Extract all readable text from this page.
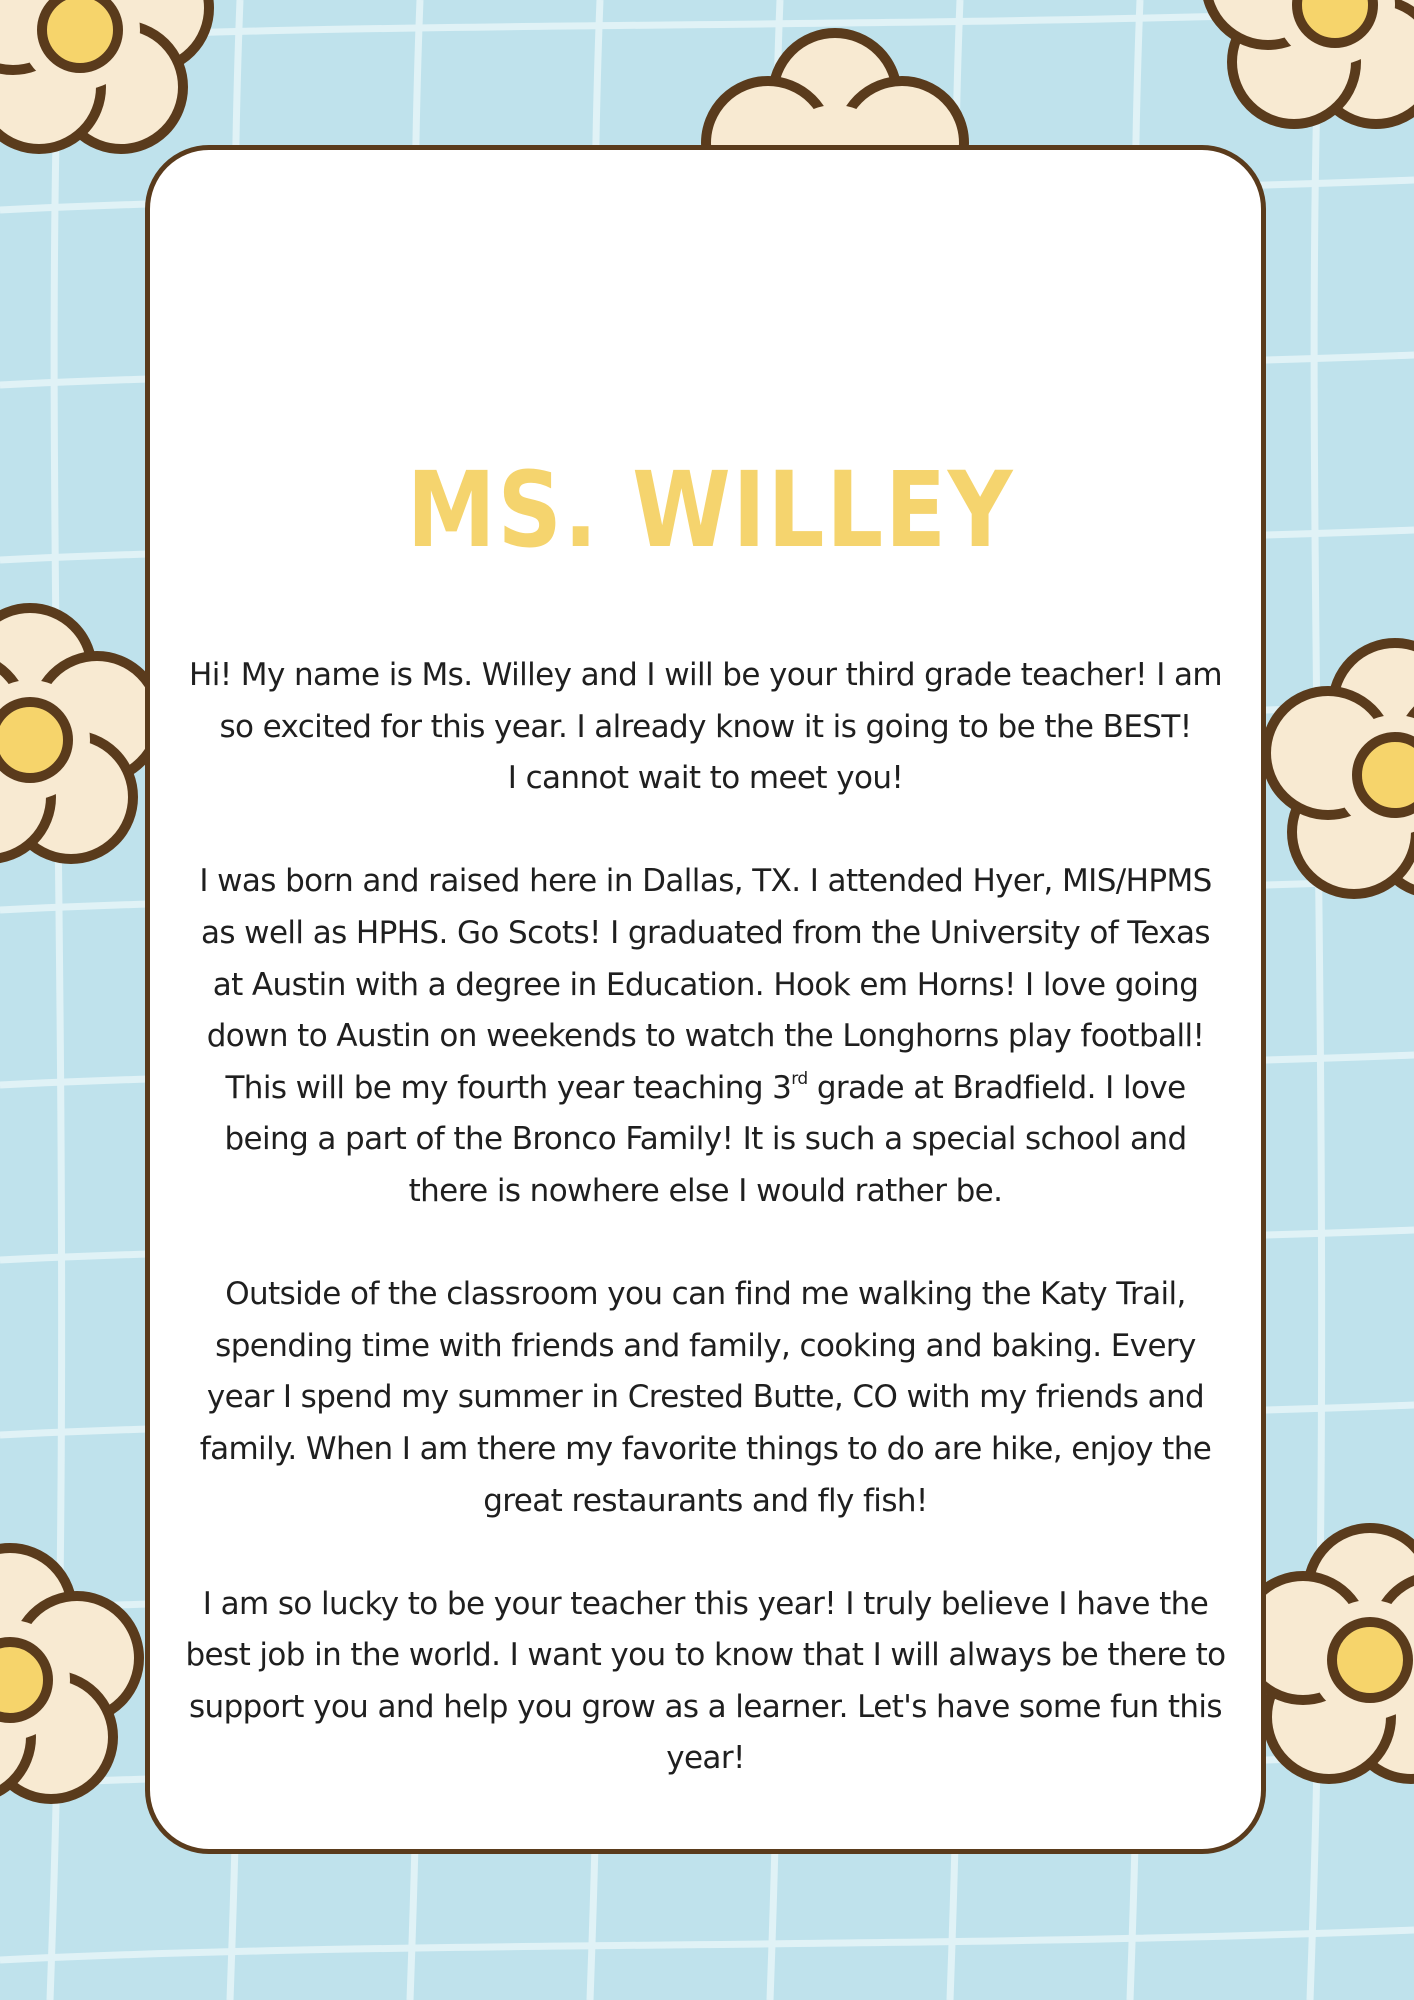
MS. WILLEY

Hi! My name is Ms. Willey and I will be your third grade teacher! I am
so excited for this year. I already know it is going to be the BEST!
I cannot wait to meet you!

I was born and raised here in Dallas, TX. I attended Hyer, MIS/HPMS
as well as HPHS. Go Scots! I graduated from the University of Texas
at Austin with a degree in Education. Hook em Horns! I love going
down to Austin on weekends to watch the Longhorns play football!
This will be my fourth year teaching 3rd grade at Bradfield. I love
being a part of the Bronco Family! It is such a special school and
there is nowhere else I would rather be.

Outside of the classroom you can find me walking the Katy Trail,
spending time with friends and family, cooking and baking. Every
year I spend my summer in Crested Butte, CO with my friends and
family. When I am there my favorite things to do are hike, enjoy the
great restaurants and fly fish!

I am so lucky to be your teacher this year! I truly believe I have the
best job in the world. I want you to know that I will always be there to
support you and help you grow as a learner. Let's have some fun this
year!
